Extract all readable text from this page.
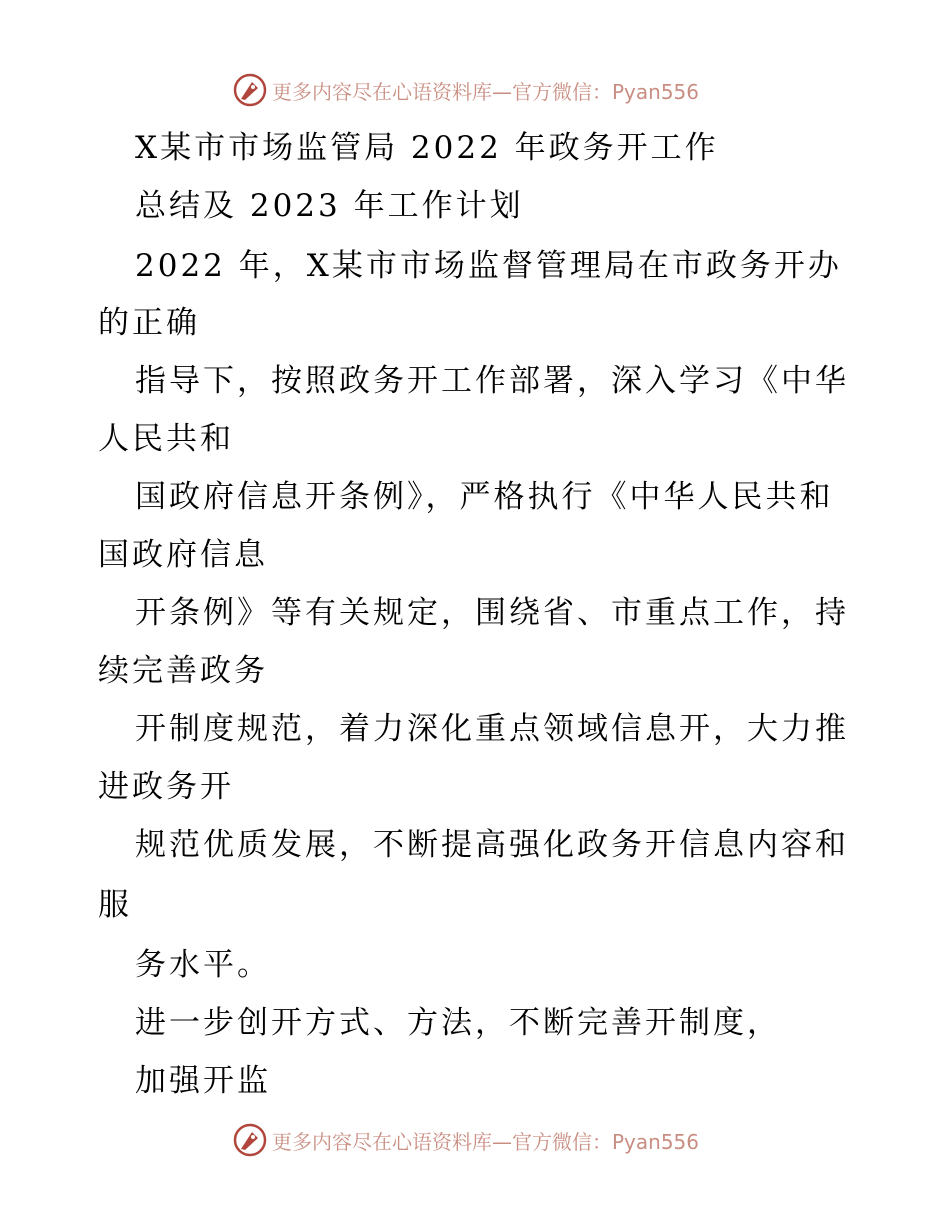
更多内容尽在心语资料库—官方微信：Pyan556
X某市市场监管局 2022 年政务开工作
总结及 2023 年工作计划
2022 年，X某市市场监督管理局在市政务开办
的正确
指导下，按照政务开工作部署，深入学习《中华
人民共和
国政府信息开条例》，严格执行《中华人民共和
国政府信息
开条例》等有关规定，围绕省、市重点工作，持
续完善政务
开制度规范，着力深化重点领域信息开，大力推
进政务开
规范优质发展，不断提高强化政务开信息内容和
服
务水平。
进一步创开方式、方法，不断完善开制度，
加强开监
更多内容尽在心语资料库—官方微信：Pyan556
